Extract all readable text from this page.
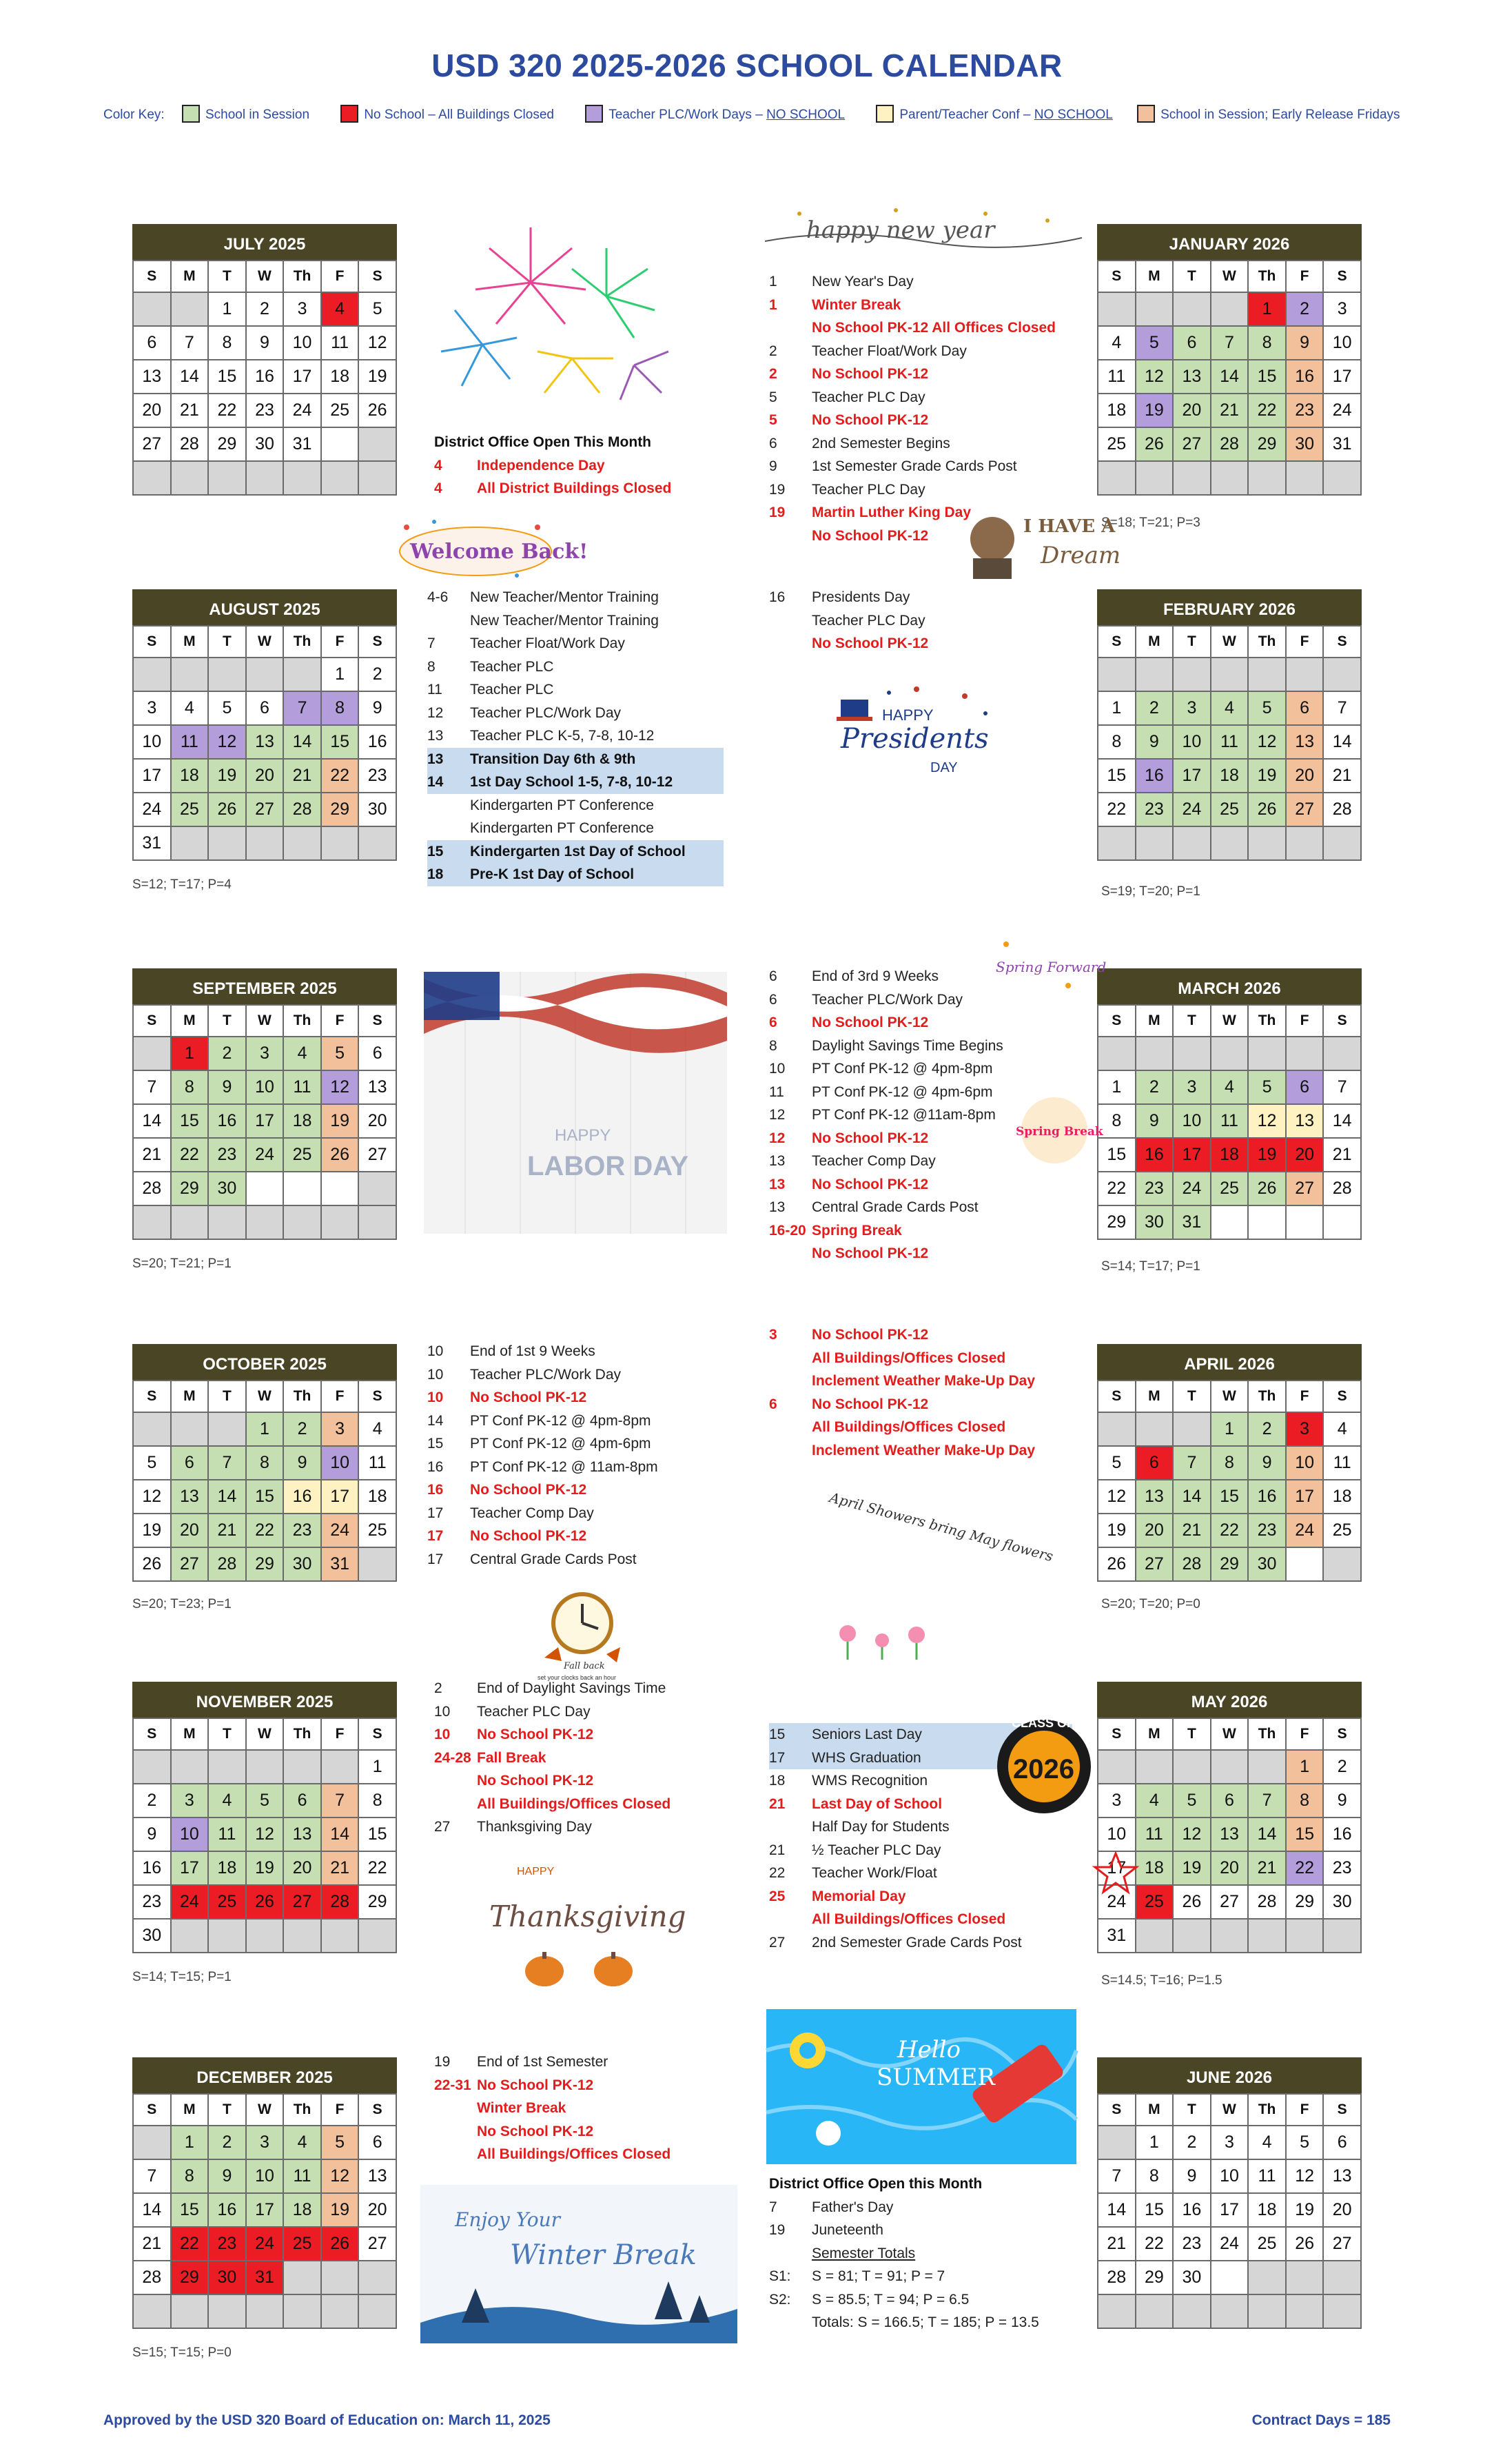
USD 320 2025-2026 SCHOOL CALENDAR
Color Key:	School in Session	No School – All Buildings Closed	Teacher PLC/Work Days – NO SCHOOL	Parent/Teacher Conf – NO SCHOOL	School in Session; Early Release Fridays
JULY 2025
S	M	T	W	Th	F	S
		1	2	3	4	5
6	7	8	9	10	11	12
13	14	15	16	17	18	19
20	21	22	23	24	25	26
27	28	29	30	31		

AUGUST 2025
S	M	T	W	Th	F	S
					1	2
3	4	5	6	7	8	9
10	11	12	13	14	15	16
17	18	19	20	21	22	23
24	25	26	27	28	29	30
31						
SEPTEMBER 2025
S	M	T	W	Th	F	S
	1	2	3	4	5	6
7	8	9	10	11	12	13
14	15	16	17	18	19	20
21	22	23	24	25	26	27
28	29	30				

OCTOBER 2025
S	M	T	W	Th	F	S
			1	2	3	4
5	6	7	8	9	10	11
12	13	14	15	16	17	18
19	20	21	22	23	24	25
26	27	28	29	30	31	
NOVEMBER 2025
S	M	T	W	Th	F	S
						1
2	3	4	5	6	7	8
9	10	11	12	13	14	15
16	17	18	19	20	21	22
23	24	25	26	27	28	29
30						
DECEMBER 2025
S	M	T	W	Th	F	S
	1	2	3	4	5	6
7	8	9	10	11	12	13
14	15	16	17	18	19	20
21	22	23	24	25	26	27
28	29	30	31			

JANUARY 2026
S	M	T	W	Th	F	S
				1	2	3
4	5	6	7	8	9	10
11	12	13	14	15	16	17
18	19	20	21	22	23	24
25	26	27	28	29	30	31

FEBRUARY 2026
S	M	T	W	Th	F	S

1	2	3	4	5	6	7
8	9	10	11	12	13	14
15	16	17	18	19	20	21
22	23	24	25	26	27	28

MARCH 2026
S	M	T	W	Th	F	S

1	2	3	4	5	6	7
8	9	10	11	12	13	14
15	16	17	18	19	20	21
22	23	24	25	26	27	28
29	30	31				
APRIL 2026
S	M	T	W	Th	F	S
			1	2	3	4
5	6	7	8	9	10	11
12	13	14	15	16	17	18
19	20	21	22	23	24	25
26	27	28	29	30		
MAY 2026
S	M	T	W	Th	F	S
					1	2
3	4	5	6	7	8	9
10	11	12	13	14	15	16
17	18	19	20	21	22	23
24	25	26	27	28	29	30
31						
JUNE 2026
S	M	T	W	Th	F	S
	1	2	3	4	5	6
7	8	9	10	11	12	13
14	15	16	17	18	19	20
21	22	23	24	25	26	27
28	29	30				

S=12; T=17; P=4
S=20; T=21; P=1
S=20; T=23; P=1
S=14; T=15; P=1
S=15; T=15; P=0
S=18; T=21; P=3
S=19; T=20; P=1
S=14; T=17; P=1
S=20; T=20; P=0
S=14.5; T=16; P=1.5
District Office Open This Month
4	Independence Day
4	All District Buildings Closed
4-6	New Teacher/Mentor Training
New Teacher/Mentor Training
7	Teacher Float/Work Day
8	Teacher PLC
11	Teacher PLC
12	Teacher PLC/Work Day
13	Teacher PLC K-5, 7-8, 10-12
13	Transition Day 6th & 9th
14	1st Day School 1-5, 7-8, 10-12
Kindergarten PT Conference
Kindergarten PT Conference
15	Kindergarten 1st Day of School
18	Pre-K 1st Day of School
10	End of 1st 9 Weeks
10	Teacher PLC/Work Day
10	No School PK-12
14	PT Conf PK-12 @ 4pm-8pm
15	PT Conf PK-12 @ 4pm-6pm
16	PT Conf PK-12 @ 11am-8pm
16	No School PK-12
17	Teacher Comp Day
17	No School PK-12
17	Central Grade Cards Post
2	End of Daylight Savings Time
10	Teacher PLC Day
10	No School PK-12
24-28 Fall Break
No School PK-12
All Buildings/Offices Closed
27	Thanksgiving Day
19	End of 1st Semester
22-31 No School PK-12
Winter Break
No School PK-12
All Buildings/Offices Closed
1	New Year's Day
1	Winter Break
No School PK-12 All Offices Closed
2	Teacher Float/Work Day
2	No School PK-12
5	Teacher PLC Day
5	No School PK-12
6	2nd Semester Begins
9	1st Semester Grade Cards Post
19	Teacher PLC Day
19	Martin Luther King Day
No School PK-12
16	Presidents Day
Teacher PLC Day
No School PK-12
6	End of 3rd 9 Weeks
6	Teacher PLC/Work Day
6	No School PK-12
8	Daylight Savings Time Begins
10	PT Conf PK-12 @ 4pm-8pm
11	PT Conf PK-12 @ 4pm-6pm
12	PT Conf PK-12 @11am-8pm
12	No School PK-12
13	Teacher Comp Day
13	No School PK-12
13	Central Grade Cards Post
16-20 Spring Break
No School PK-12
3	No School PK-12
All Buildings/Offices Closed
Inclement Weather Make-Up Day
6	No School PK-12
All Buildings/Offices Closed
Inclement Weather Make-Up Day
15	Seniors Last Day
17	WHS Graduation
18	WMS Recognition
21	Last Day of School
Half Day for Students
21	½ Teacher PLC Day
22	Teacher Work/Float
25	Memorial Day
All Buildings/Offices Closed
27	2nd Semester Grade Cards Post
District Office Open this Month
7	Father's Day
19	Juneteenth
Semester Totals
S1:	S = 81; T = 91; P = 7
S2:	S = 85.5; T = 94; P = 6.5
Totals: S = 166.5; T = 185; P = 13.5
happy new year
Welcome Back!
I HAVE A
Dream
HAPPY
Presidents
DAY
HAPPY
LABOR DAY
Spring Forward
Spring Break
Fall back
set your clocks back an hour
April Showers bring May flowers
HAPPY
Thanksgiving
CLASS OF
2026
Hello
SUMMER
Enjoy Your
Winter Break
Approved by the USD 320 Board of Education on: March 11, 2025	Contract Days = 185
